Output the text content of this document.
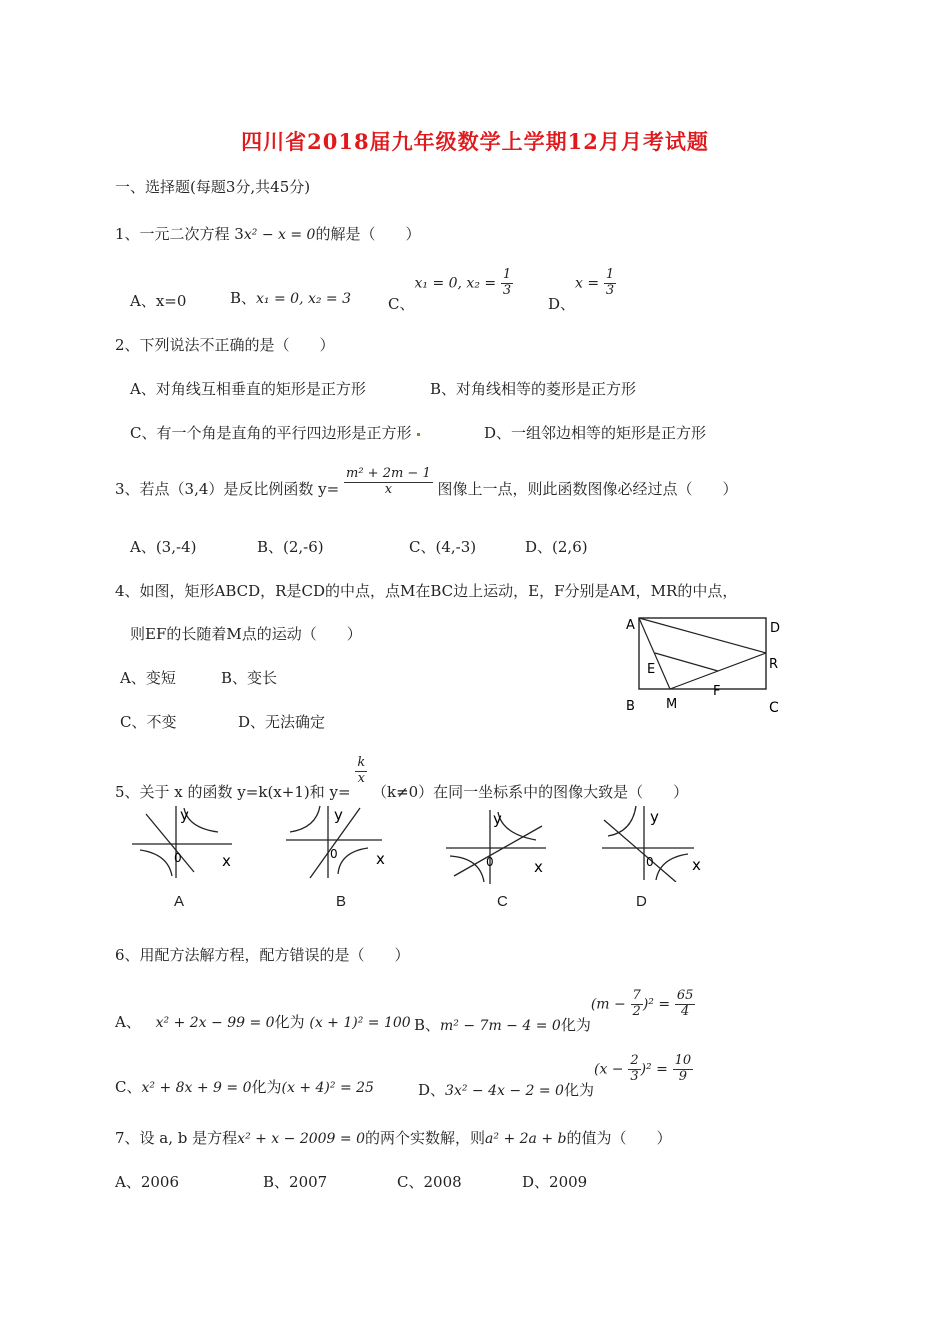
四川省2018届九年级数学上学期12月月考试题
一、选择题(每题3分,共45分)
1、一元二次方程 3x² − x = 0的解是（　　）
A、x=0	B、x₁ = 0, x₂ = 3 C、x₁ = 0, $x_2 = \frac{1}{3}$
D、$x = \frac{1}{3}$
2、下列说法不正确的是（　　）
A、对角线互相垂直的矩形是正方形	B、对角线相等的菱形是正方形
C、有一个角是直角的平行四边形是正方形	D、一组邻边相等的矩形是正方形
3、若点（3,4）是反比例函数 $y= \frac{\text{m² + 2m − 1}}{x}$ 图像上一点，则此函数图像必经过点（　　）
A、(3,-4)	B、(2,-6)	C、(4,-3)	D、(2,6)
4、如图，矩形ABCD，R是CD的中点，点M在BC边上运动，E，F分别是AM，MR的中点，
则EF的长随着M点的运动（　　）
A、变短	B、变长
C、不变	D、无法确定
A	D
R
E
F
B M	C
5、关于 x 的函数 y=k(x+1)和 y=
$\frac{k}{x}$
（k≠0）在同一坐标系中的图像大致是（　　）
y
x
0
A
y
x
0
B
y
x
0
C
y
x
0
D
6、用配方法解方程，配方错误的是（　　）
A、 x² + 2x − 99 = 0化为 (x + 1)² = 100 B、m² − 7m − 4 = 0化为$(m - \frac{7}{2} )^2 = \frac{65}{4}$
C、x² + 8x + 9 = 0化为(x + 4)² = 25	D、3x² − 4x − 2 = 0化为$(x - \frac{2}{3} )^2 = \frac{10}{9}$
7、设 a, b 是方程x² + x − 2009 = 0的两个实数解，则a² + 2a + b的值为（　　）
A、2006	B、2007	C、2008	D、2009
